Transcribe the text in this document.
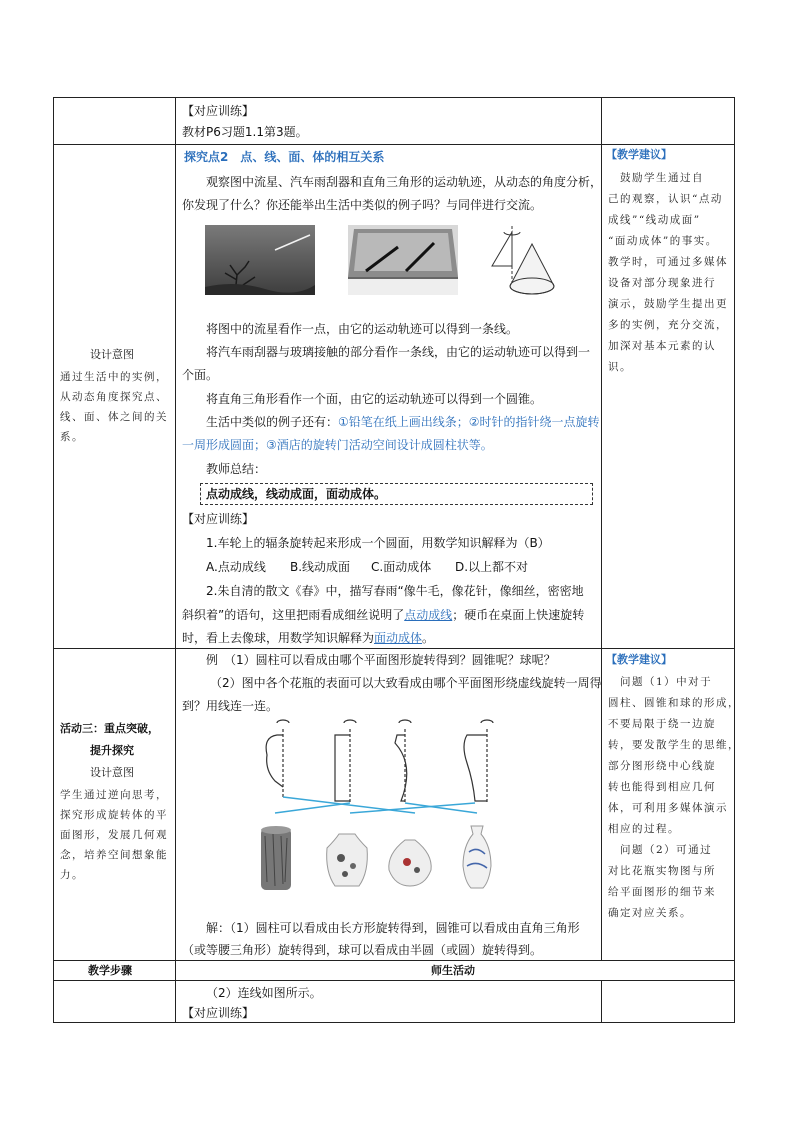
【对应训练】
教材P6习题1.1第3题。
设计意图
通过生活中的实例，
从动态角度探究点、
线、面、体之间的关
系。
探究点2　点、线、面、体的相互关系
观察图中流星、汽车雨刮器和直角三角形的运动轨迹，从动态的角度分析，
你发现了什么？你还能举出生活中类似的例子吗？与同伴进行交流。
将图中的流星看作一点，由它的运动轨迹可以得到一条线。
将汽车雨刮器与玻璃接触的部分看作一条线，由它的运动轨迹可以得到一
个面。
将直角三角形看作一个面，由它的运动轨迹可以得到一个圆锥。
生活中类似的例子还有：①铅笔在纸上画出线条；②时针的指针绕一点旋转
一周形成圆面；③酒店的旋转门活动空间设计成圆柱状等。
教师总结：
点动成线，线动成面，面动成体。
【对应训练】
1.车轮上的辐条旋转起来形成一个圆面，用数学知识解释为（B）
A.点动成线 B.线动成面 C.面动成体 D.以上都不对
2.朱自清的散文《春》中，描写春雨“像牛毛，像花针，像细丝，密密地
斜织着”的语句，这里把雨看成细丝说明了点动成线；硬币在桌面上快速旋转
时，看上去像球，用数学知识解释为面动成体。
【教学建议】
　鼓励学生通过自
己的观察，认识“点动
成线”“线动成面”
“面动成体”的事实。
教学时，可通过多媒体
设备对部分现象进行
演示，鼓励学生提出更
多的实例，充分交流，
加深对基本元素的认
识。
活动三：重点突破，
提升探究
设计意图
学生通过逆向思考，
探究形成旋转体的平
面图形，发展几何观
念，培养空间想象能
力。
例　（1）圆柱可以看成由哪个平面图形旋转得到？圆锥呢？球呢？
（2）图中各个花瓶的表面可以大致看成由哪个平面图形绕虚线旋转一周得
到？用线连一连。
解：（1）圆柱可以看成由长方形旋转得到，圆锥可以看成由直角三角形
（或等腰三角形）旋转得到，球可以看成由半圆（或圆）旋转得到。
【教学建议】
　问题（1）中对于
圆柱、圆锥和球的形成，
不要局限于绕一边旋
转，要发散学生的思维，
部分图形绕中心线旋
转也能得到相应几何
体，可利用多媒体演示
相应的过程。
　问题（2）可通过
对比花瓶实物图与所
给平面图形的细节来
确定对应关系。
教学步骤	师生活动
（2）连线如图所示。
【对应训练】
